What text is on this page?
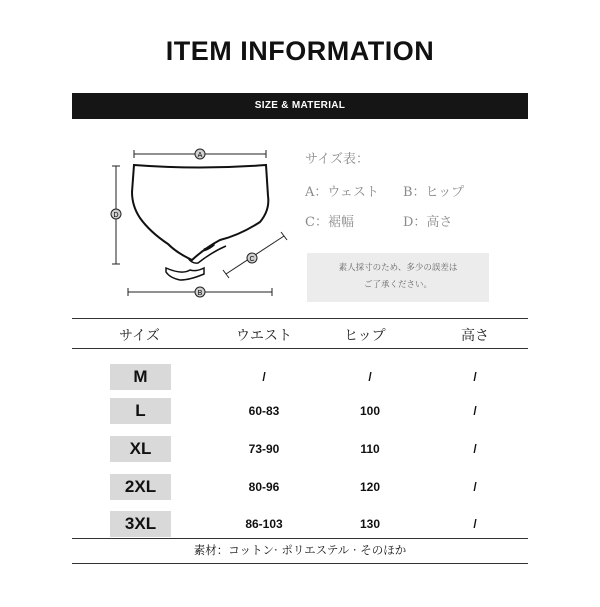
ITEM INFORMATION
SIZE & MATERIAL
A
D
C
B
サイズ表：
A：ウェスト B：ヒップ
C：裾幅	D：高さ
素人採寸のため、多少の誤差は
ご了承ください。
サイズ	ウエスト	ヒップ	高さ
M	/	/	/
L	60-83	100	/
XL	73-90	110	/
2XL	80-96	120	/
3XL	86-103	130	/
素材：コットン· ポリエステル · そのほか
